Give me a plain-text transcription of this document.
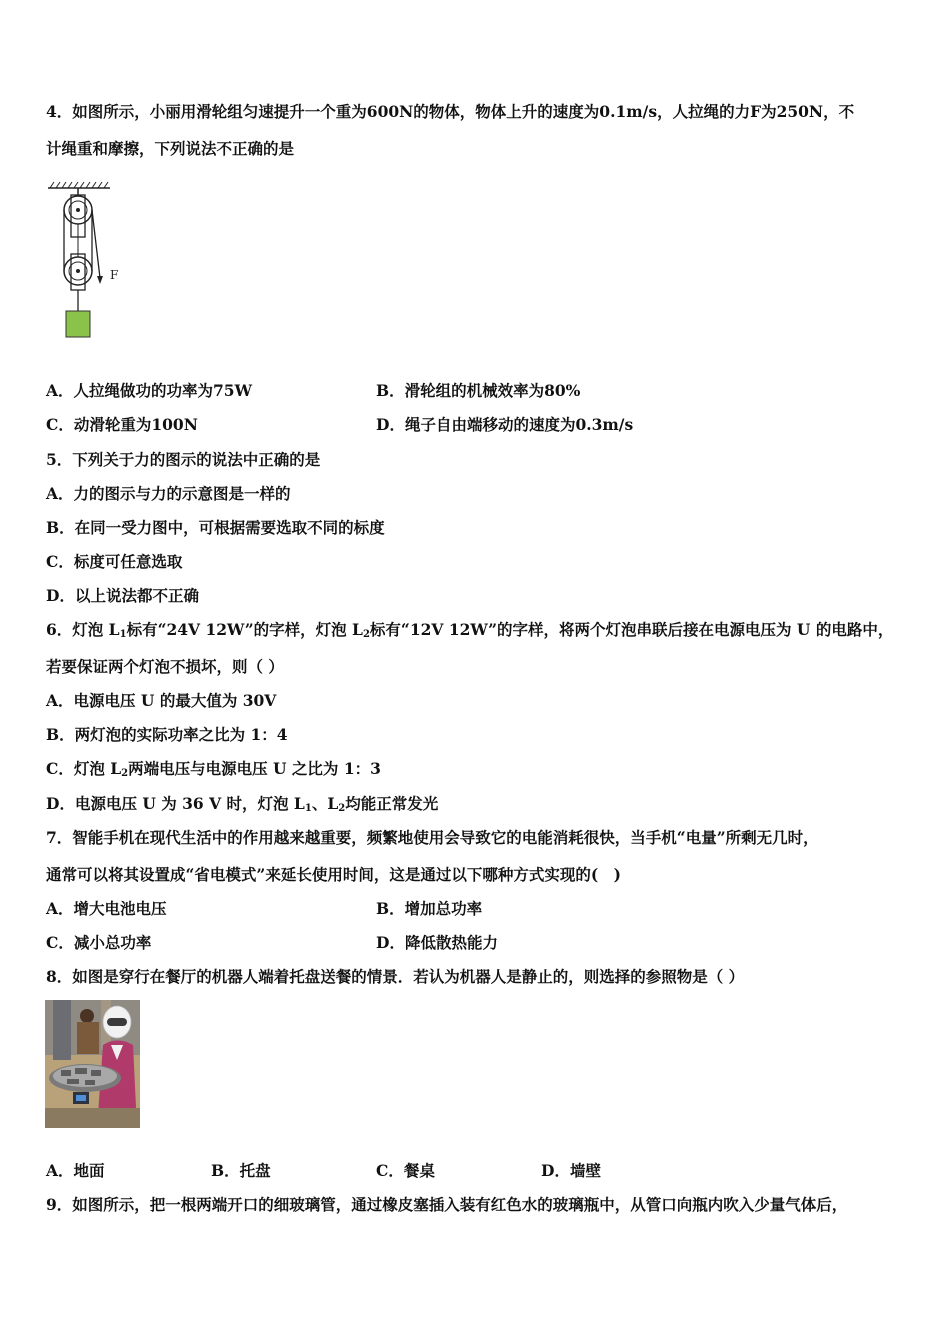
4．如图所示，小丽用滑轮组匀速提升一个重为600N的物体，物体上升的速度为0.1m/s，人拉绳的力F为250N，不
计绳重和摩擦，下列说法不正确的是
F
A．人拉绳做功的功率为75W	B．滑轮组的机械效率为80%
C．动滑轮重为100N	D．绳子自由端移动的速度为0.3m/s
5．下列关于力的图示的说法中正确的是
A．力的图示与力的示意图是一样的
B．在同一受力图中，可根据需要选取不同的标度
C．标度可任意选取
D．以上说法都不正确
6．灯泡 $L_1$标有“24V 12W”的字样，灯泡 $L_2$标有“12V 12W”的字样，将两个灯泡串联后接在电源电压为 U 的电路中，
若要保证两个灯泡不损坏，则（ ）
A．电源电压 U 的最大值为 30V
B．两灯泡的实际功率之比为 1：4
C．灯泡 $L_2$两端电压与电源电压 U 之比为 1：3
D．电源电压 U 为 36 V 时，灯泡 $L_1$、$L_2$均能正常发光
7．智能手机在现代生活中的作用越来越重要，频繁地使用会导致它的电能消耗很快，当手机“电量”所剩无几时，
通常可以将其设置成“省电模式”来延长使用时间，这是通过以下哪种方式实现的(　)
A．增大电池电压	B．增加总功率
C．减小总功率	D．降低散热能力
8．如图是穿行在餐厅的机器人端着托盘送餐的情景．若认为机器人是静止的，则选择的参照物是（ ）
A．地面	B．托盘	C．餐桌	D．墙壁
9．如图所示，把一根两端开口的细玻璃管，通过橡皮塞插入装有红色水的玻璃瓶中，从管口向瓶内吹入少量气体后，
